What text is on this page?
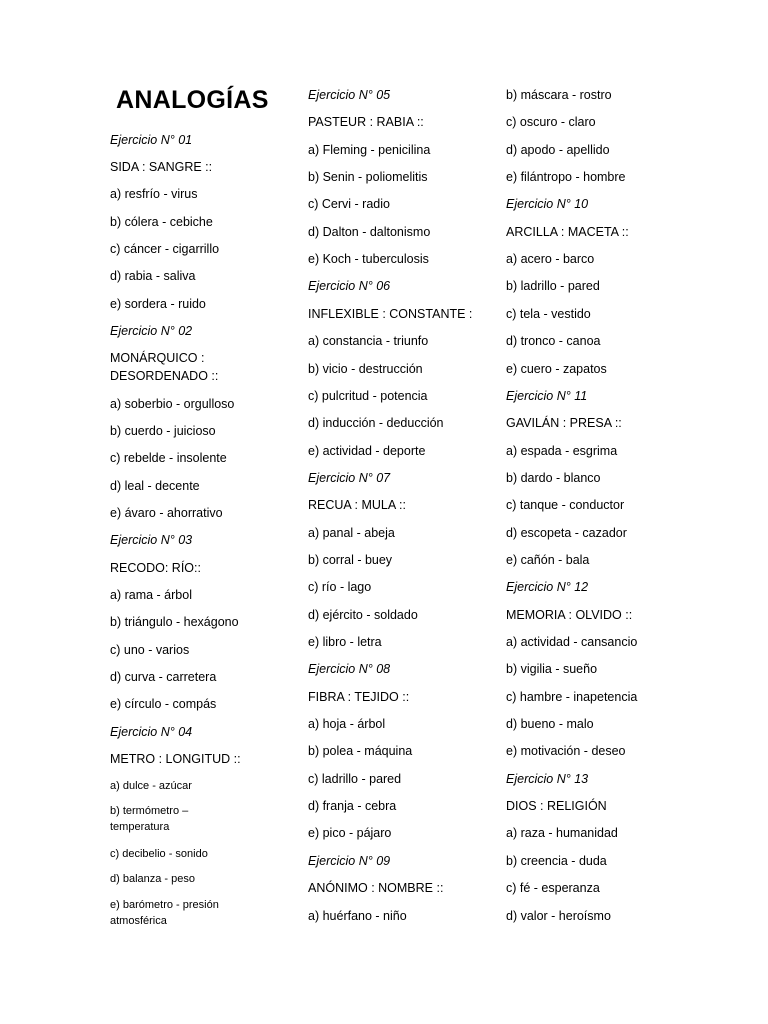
ANALOGÍAS
Ejercicio N° 01
SIDA : SANGRE ::
a) resfrío - virus
b) cólera - cebiche
c) cáncer - cigarrillo
d) rabia - saliva
e) sordera - ruido
Ejercicio N° 02
MONÁRQUICO :
DESORDENADO ::
a) soberbio - orgulloso
b) cuerdo - juicioso
c) rebelde - insolente
d) leal - decente
e) ávaro - ahorrativo
Ejercicio N° 03
RECODO: RÍO::
a) rama - árbol
b) triángulo - hexágono
c) uno - varios
d) curva - carretera
e) círculo - compás
Ejercicio N° 04
METRO : LONGITUD ::
a) dulce - azúcar
b) termómetro –
temperatura
c) decibelio - sonido
d) balanza - peso
e) barómetro - presión
atmosférica
Ejercicio N° 05
PASTEUR : RABIA ::
a) Fleming - penicilina
b) Senin - poliomelitis
c) Cervi - radio
d) Dalton - daltonismo
e) Koch - tuberculosis
Ejercicio N° 06
INFLEXIBLE : CONSTANTE :
a) constancia - triunfo
b) vicio - destrucción
c) pulcritud - potencia
d) inducción - deducción
e) actividad - deporte
Ejercicio N° 07
RECUA : MULA ::
a) panal - abeja
b) corral - buey
c) río - lago
d) ejército - soldado
e) libro - letra
Ejercicio N° 08
FIBRA : TEJIDO ::
a) hoja - árbol
b) polea - máquina
c) ladrillo - pared
d) franja - cebra
e) pico - pájaro
Ejercicio N° 09
ANÓNIMO : NOMBRE ::
a) huérfano - niño
b) máscara - rostro
c) oscuro - claro
d) apodo - apellido
e) filántropo - hombre
Ejercicio N° 10
ARCILLA : MACETA ::
a) acero - barco
b) ladrillo - pared
c) tela - vestido
d) tronco - canoa
e) cuero - zapatos
Ejercicio N° 11
GAVILÁN : PRESA ::
a) espada - esgrima
b) dardo - blanco
c) tanque - conductor
d) escopeta - cazador
e) cañón - bala
Ejercicio N° 12
MEMORIA : OLVIDO ::
a) actividad - cansancio
b) vigilia - sueño
c) hambre - inapetencia
d) bueno - malo
e) motivación - deseo
Ejercicio N° 13
DIOS : RELIGIÓN
a) raza - humanidad
b) creencia - duda
c) fé - esperanza
d) valor - heroísmo
